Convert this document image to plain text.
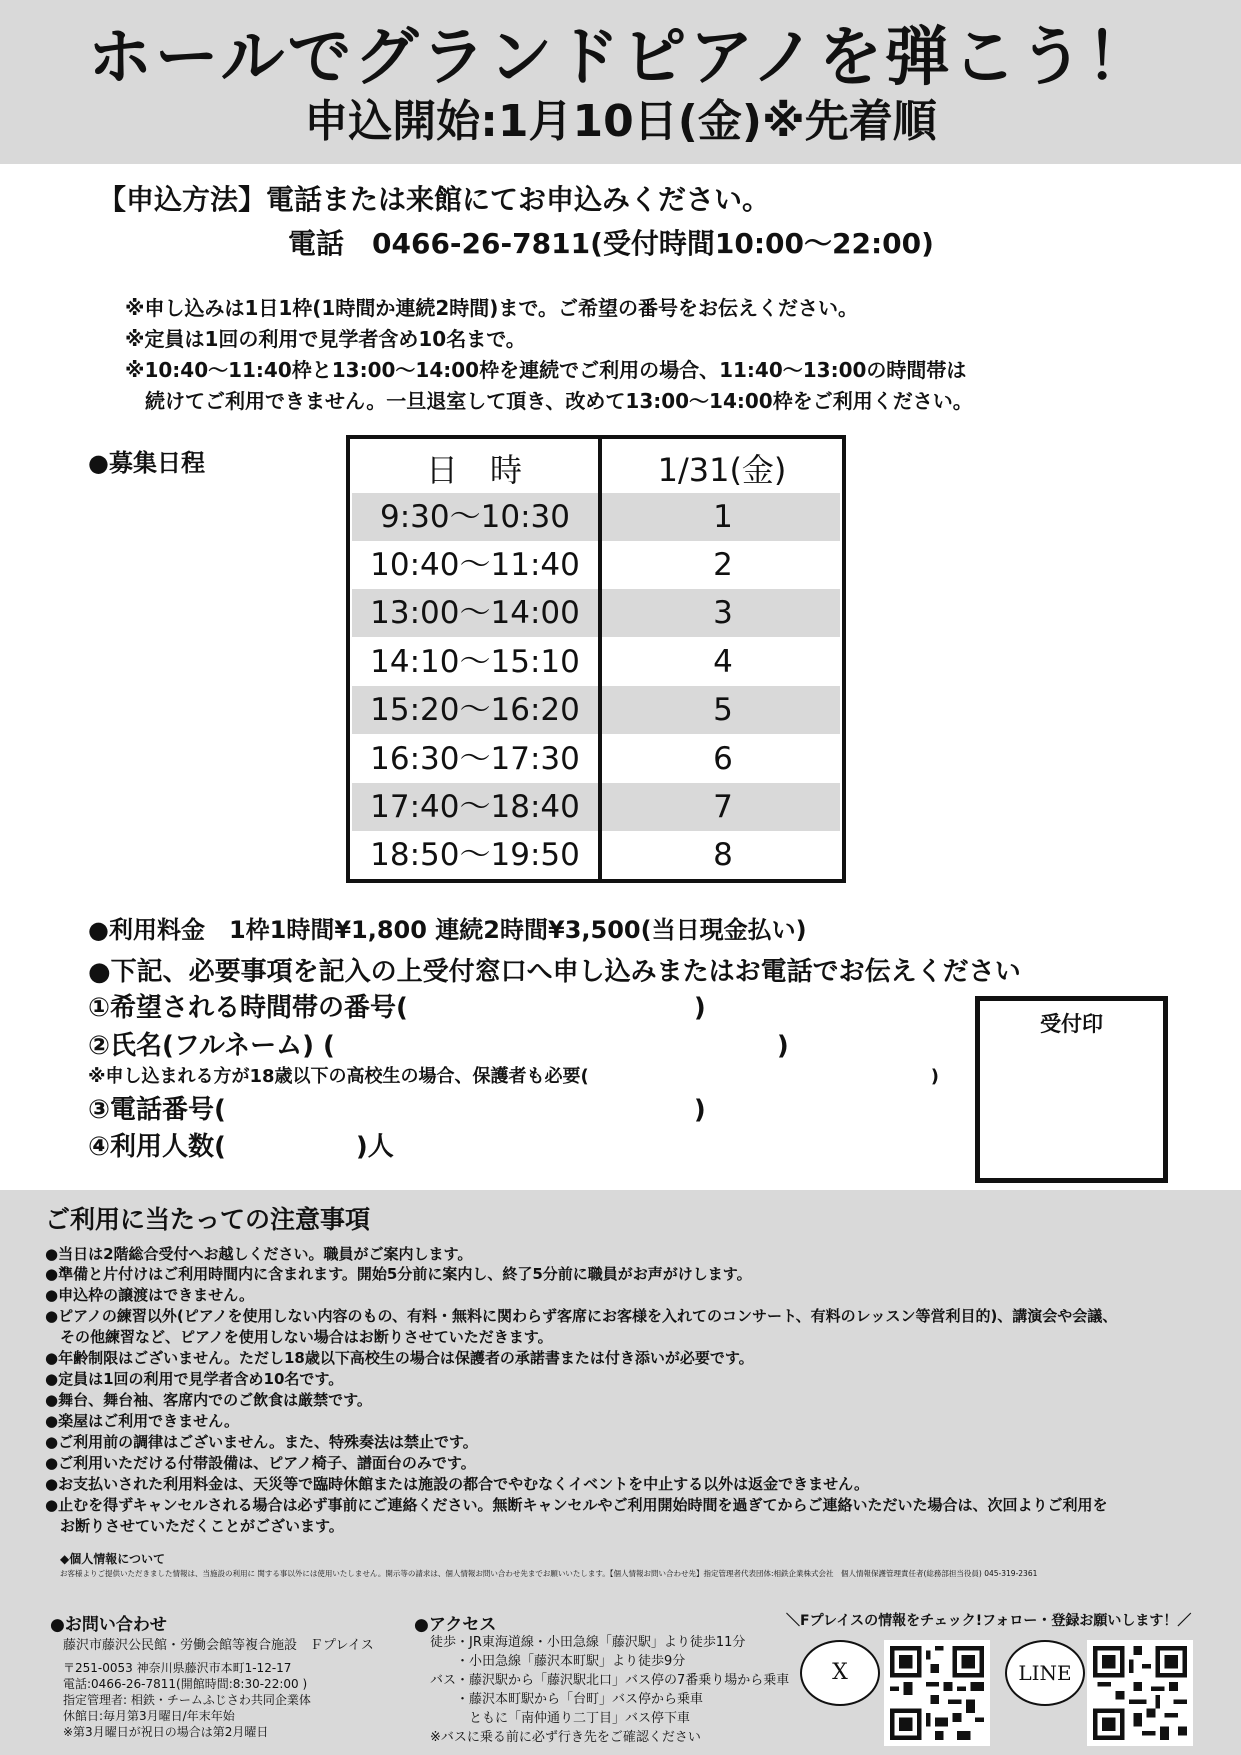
ホールでグランドピアノを弾こう！
申込開始:1月10日(金)※先着順
【申込方法】電話または来館にてお申込みください。
電話　0466-26-7811(受付時間10:00～22:00)
※申し込みは1日1枠(1時間か連続2時間)まで。ご希望の番号をお伝えください。
※定員は1回の利用で見学者含め10名まで。
※10:40～11:40枠と13:00～14:00枠を連続でご利用の場合、11:40～13:00の時間帯は
　続けてご利用できません。一旦退室して頂き、改めて13:00～14:00枠をご利用ください。
●募集日程	日　時	1/31(金)
9:30～10:30	1
10:40～11:40	2
13:00～14:00	3
14:10～15:10	4
15:20～16:20	5
16:30～17:30	6
17:40～18:40	7
18:50～19:50	8
●利用料金　1枠1時間¥1,800 連続2時間¥3,500(当日現金払い)
●下記、必要事項を記入の上受付窓口へ申し込みまたはお電話でお伝えください
①希望される時間帯の番号(　　　　　　　　　　　)
②氏名(フルネーム) (　　　　　　　　　　　　　　　　　)
※申し込まれる方が18歳以下の高校生の場合、保護者も必要(　　　　　　　　　　　　　　　　　　　)
③電話番号(　　　　　　　　　　　　　　　　　　)
④利用人数(　　　　　)人
受付印
ご利用に当たっての注意事項
●当日は2階総合受付へお越しください。職員がご案内します。
●準備と片付けはご利用時間内に含まれます。開始5分前に案内し、終了5分前に職員がお声がけします。
●申込枠の譲渡はできません。
●ピアノの練習以外(ピアノを使用しない内容のもの、有料・無料に関わらず客席にお客様を入れてのコンサート、有料のレッスン等営利目的)、講演会や会議、
　その他練習など、ピアノを使用しない場合はお断りさせていただきます。
●年齢制限はございません。ただし18歳以下高校生の場合は保護者の承諾書または付き添いが必要です。
●定員は1回の利用で見学者含め10名です。
●舞台、舞台袖、客席内でのご飲食は厳禁です。
●楽屋はご利用できません。
●ご利用前の調律はございません。また、特殊奏法は禁止です。
●ご利用いただける付帯設備は、ピアノ椅子、譜面台のみです。
●お支払いされた利用料金は、天災等で臨時休館または施設の都合でやむなくイベントを中止する以外は返金できません。
●止むを得ずキャンセルされる場合は必ず事前にご連絡ください。無断キャンセルやご利用開始時間を過ぎてからご連絡いただいた場合は、次回よりご利用を
　お断りさせていただくことがございます。
◆個人情報について
お客様よりご提供いただきました情報は、当施設の利用に 関する事以外には使用いたしません。開示等の請求は、個人情報お問い合わせ先までお願いいたします。【個人情報お問い合わせ先】指定管理者代表団体:相鉄企業株式会社　個人情報保護管理責任者(総務部担当役員) 045-319-2361
●お問い合わせ
藤沢市藤沢公民館・労働会館等複合施設　Ｆプレイス
〒251-0053 神奈川県藤沢市本町1-12-17
電話:0466-26-7811(開館時間:8:30-22:00 )
指定管理者: 相鉄・チームふじさわ共同企業体
休館日:毎月第3月曜日/年末年始
※第3月曜日が祝日の場合は第2月曜日
●アクセス
徒歩・JR東海道線・小田急線「藤沢駅」より徒歩11分
　　・小田急線「藤沢本町駅」より徒歩9分
バス・藤沢駅から「藤沢駅北口」バス停の7番乗り場から乗車
　　・藤沢本町駅から「台町」バス停から乗車
　　　ともに「南仲通り二丁目」バス停下車
※バスに乗る前に必ず行き先をご確認ください
＼Fプレイスの情報をチェック!フォロー・登録お願いします！／
X	LINE
